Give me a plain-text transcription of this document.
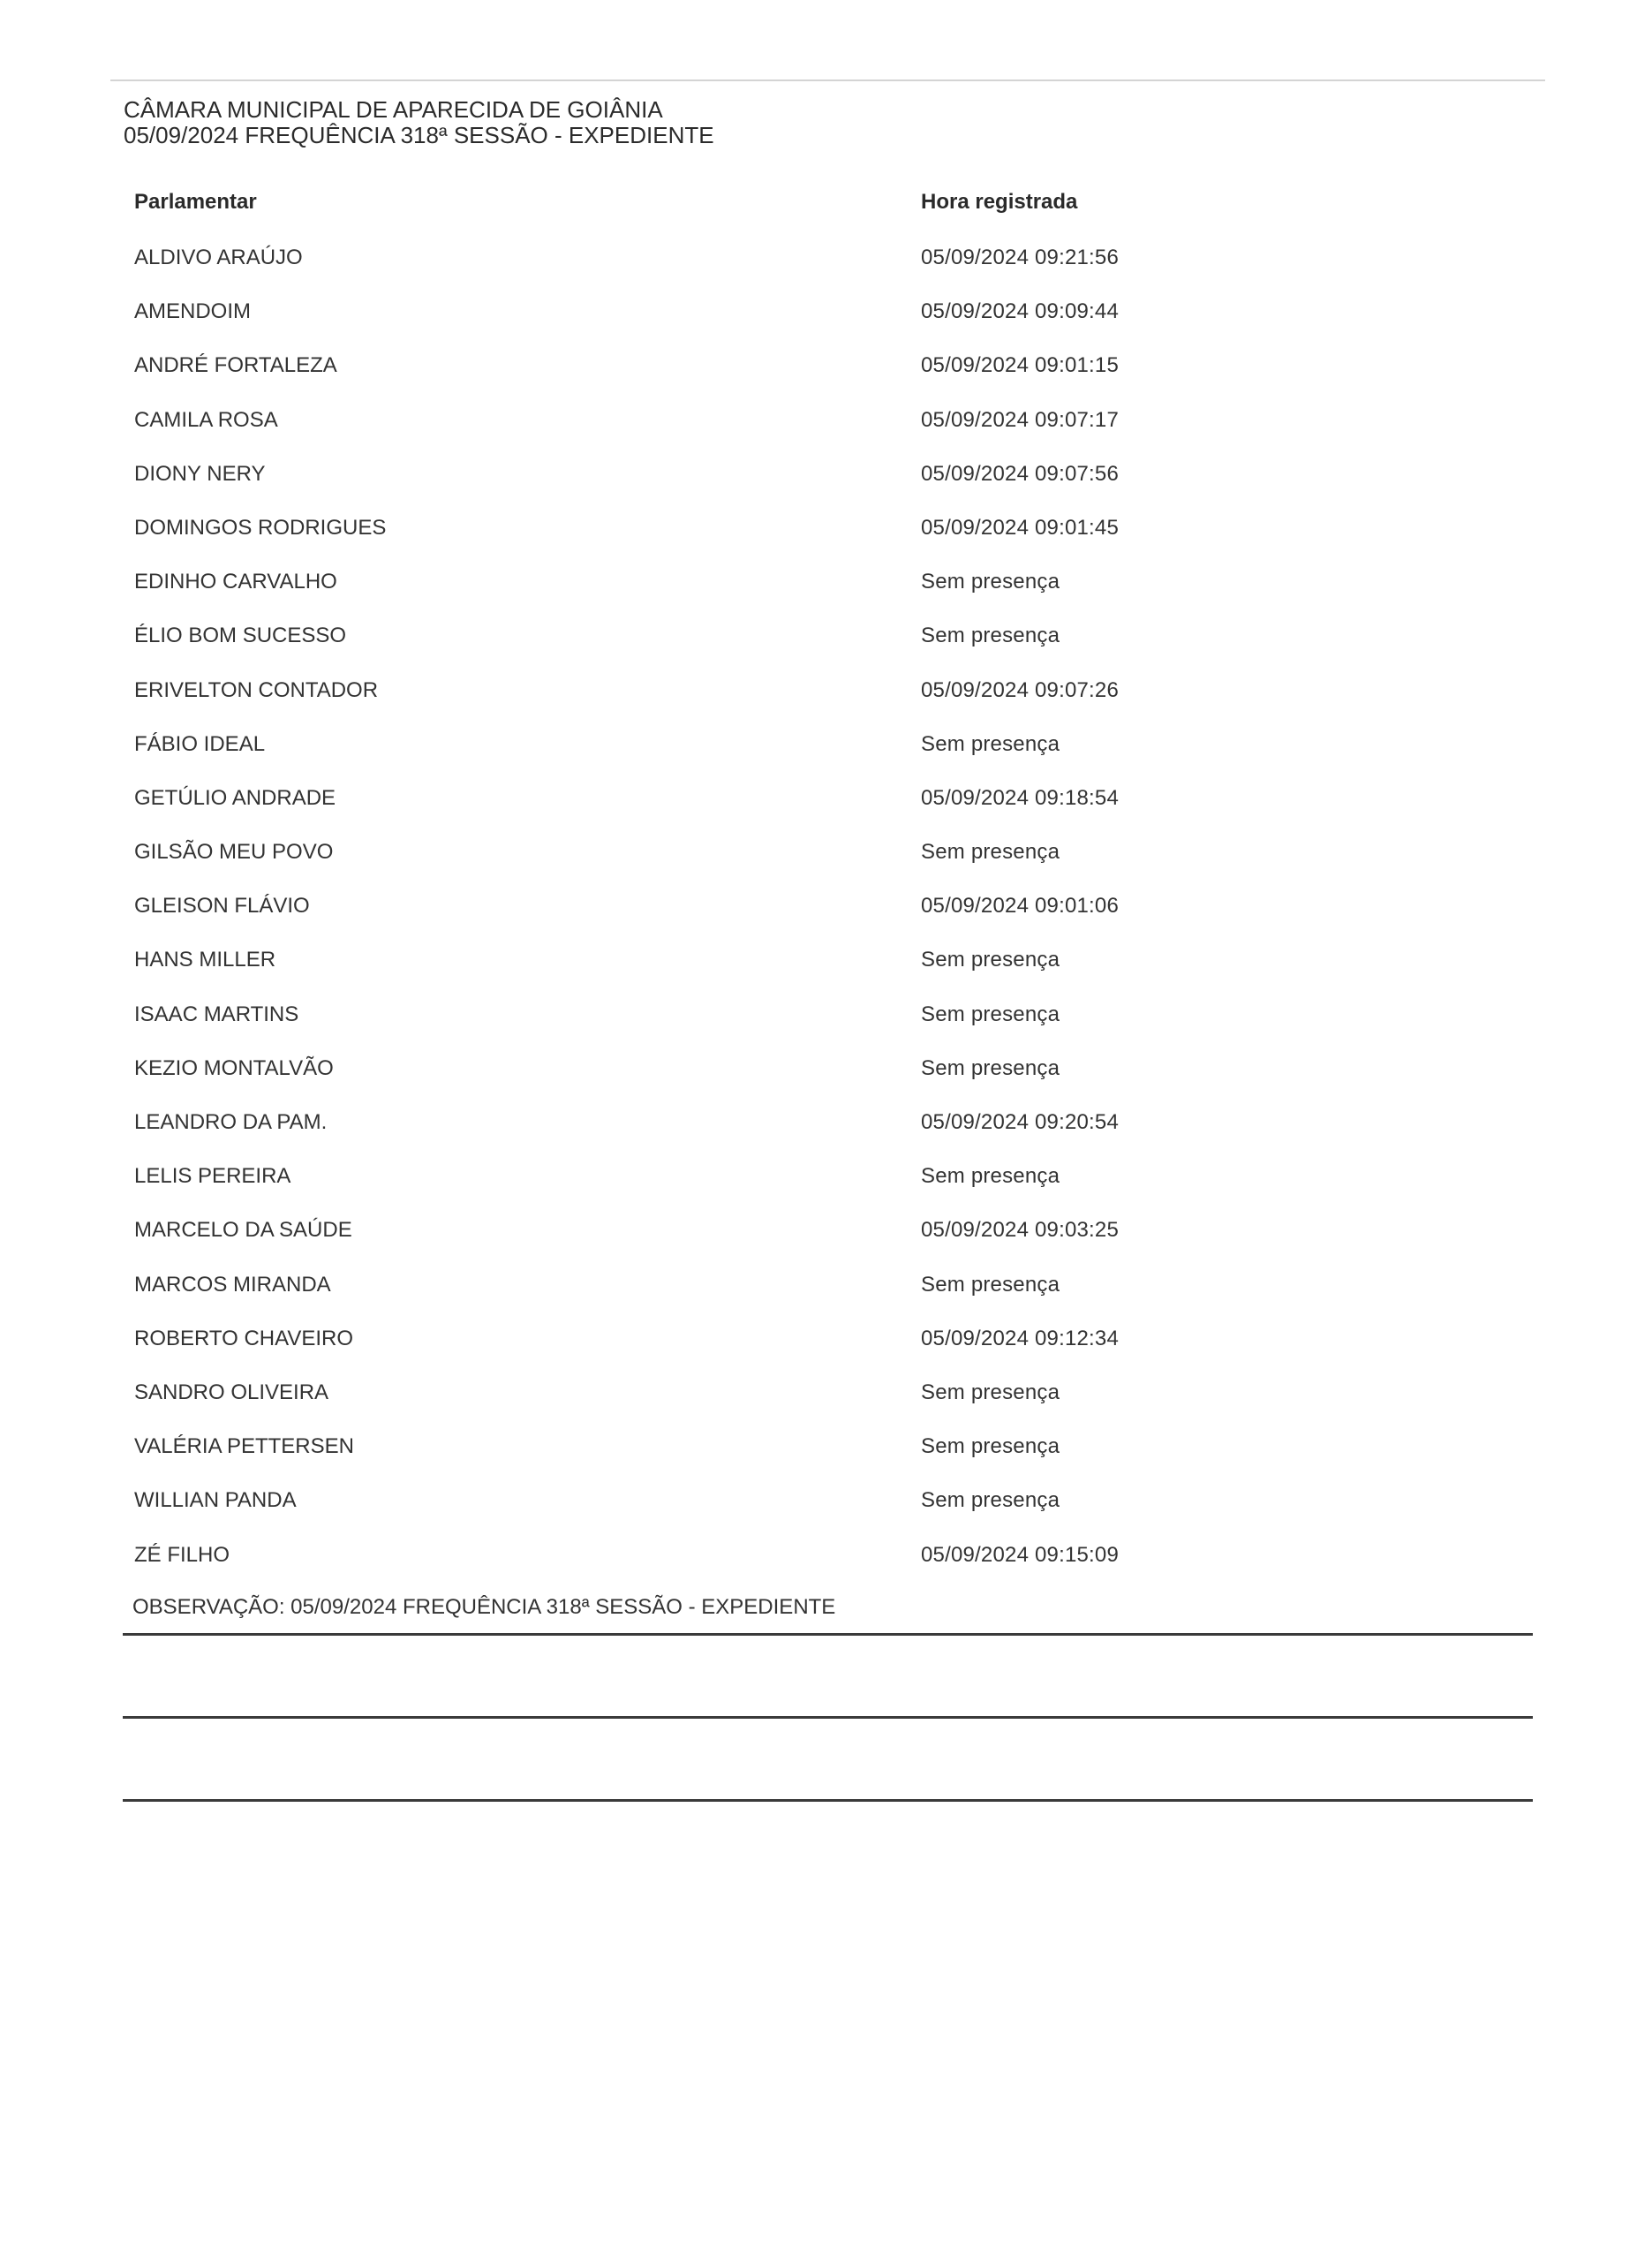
CÂMARA MUNICIPAL DE APARECIDA DE GOIÂNIA
05/09/2024 FREQUÊNCIA 318ª SESSÃO - EXPEDIENTE
Parlamentar	Hora registrada
ALDIVO ARAÚJO	05/09/2024 09:21:56
AMENDOIM	05/09/2024 09:09:44
ANDRÉ FORTALEZA	05/09/2024 09:01:15
CAMILA ROSA	05/09/2024 09:07:17
DIONY NERY	05/09/2024 09:07:56
DOMINGOS RODRIGUES	05/09/2024 09:01:45
EDINHO CARVALHO	Sem presença
ÉLIO BOM SUCESSO	Sem presença
ERIVELTON CONTADOR	05/09/2024 09:07:26
FÁBIO IDEAL	Sem presença
GETÚLIO ANDRADE	05/09/2024 09:18:54
GILSÃO MEU POVO	Sem presença
GLEISON FLÁVIO	05/09/2024 09:01:06
HANS MILLER	Sem presença
ISAAC MARTINS	Sem presença
KEZIO MONTALVÃO	Sem presença
LEANDRO DA PAM.	05/09/2024 09:20:54
LELIS PEREIRA	Sem presença
MARCELO DA SAÚDE	05/09/2024 09:03:25
MARCOS MIRANDA	Sem presença
ROBERTO CHAVEIRO	05/09/2024 09:12:34
SANDRO OLIVEIRA	Sem presença
VALÉRIA PETTERSEN	Sem presença
WILLIAN PANDA	Sem presença
ZÉ FILHO	05/09/2024 09:15:09
OBSERVAÇÃO: 05/09/2024 FREQUÊNCIA 318ª SESSÃO - EXPEDIENTE
